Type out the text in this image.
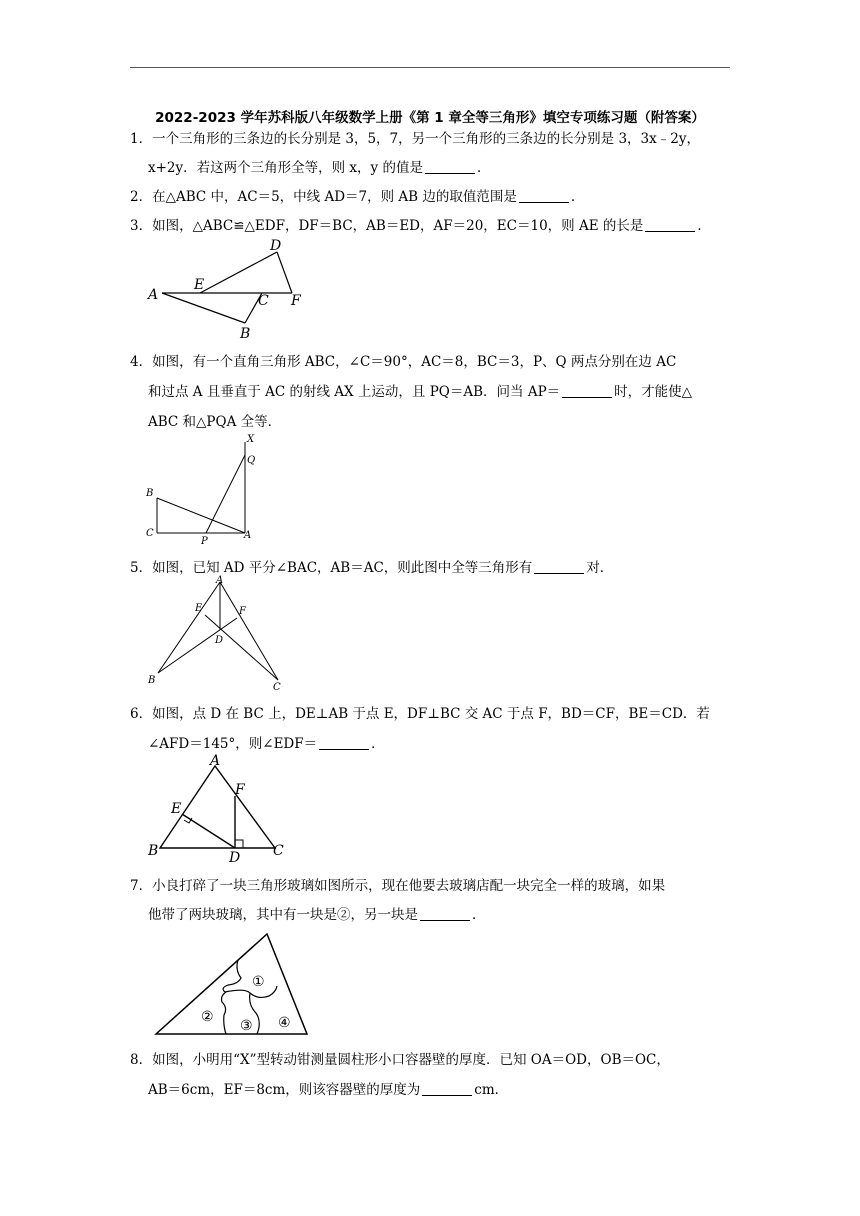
2022-2023 学年苏科版八年级数学上册《第 1 章全等三角形》填空专项练习题（附答案）
1．一个三角形的三条边的长分别是 3，5，7，另一个三角形的三条边的长分别是 3，3x﹣2y，
x+2y．若这两个三角形全等，则 x，y 的值是	．
2．在△ABC 中，AC＝5，中线 AD＝7，则 AB 边的取值范围是	．
3．如图，△ABC≌△EDF，DF＝BC，AB＝ED，AF＝20，EC＝10，则 AE 的长是	．
A
E
C F
D
B
4．如图，有一个直角三角形 ABC，∠C＝90°，AC＝8，BC＝3，P、Q 两点分别在边 AC
和过点 A 且垂直于 AC 的射线 AX 上运动，且 PQ＝AB．问当 AP＝	时，才能使△
ABC 和△PQA 全等．
X
Q
B
C
P
A
5．如图，已知 AD 平分∠BAC，AB＝AC，则此图中全等三角形有	对．
A
E	F
D
B
C
6．如图，点 D 在 BC 上，DE⊥AB 于点 E，DF⊥BC 交 AC 于点 F，BD＝CF，BE＝CD．若
∠AFD＝145°，则∠EDF＝	．
A
E
F
B	D C
7．小良打碎了一块三角形玻璃如图所示，现在他要去玻璃店配一块完全一样的玻璃，如果
他带了两块玻璃，其中有一块是②，另一块是	．
①
②
③ ④
8．如图，小明用“X”型转动钳测量圆柱形小口容器壁的厚度．已知 OA＝OD，OB＝OC，
AB＝6cm，EF＝8cm，则该容器壁的厚度为	cm．
